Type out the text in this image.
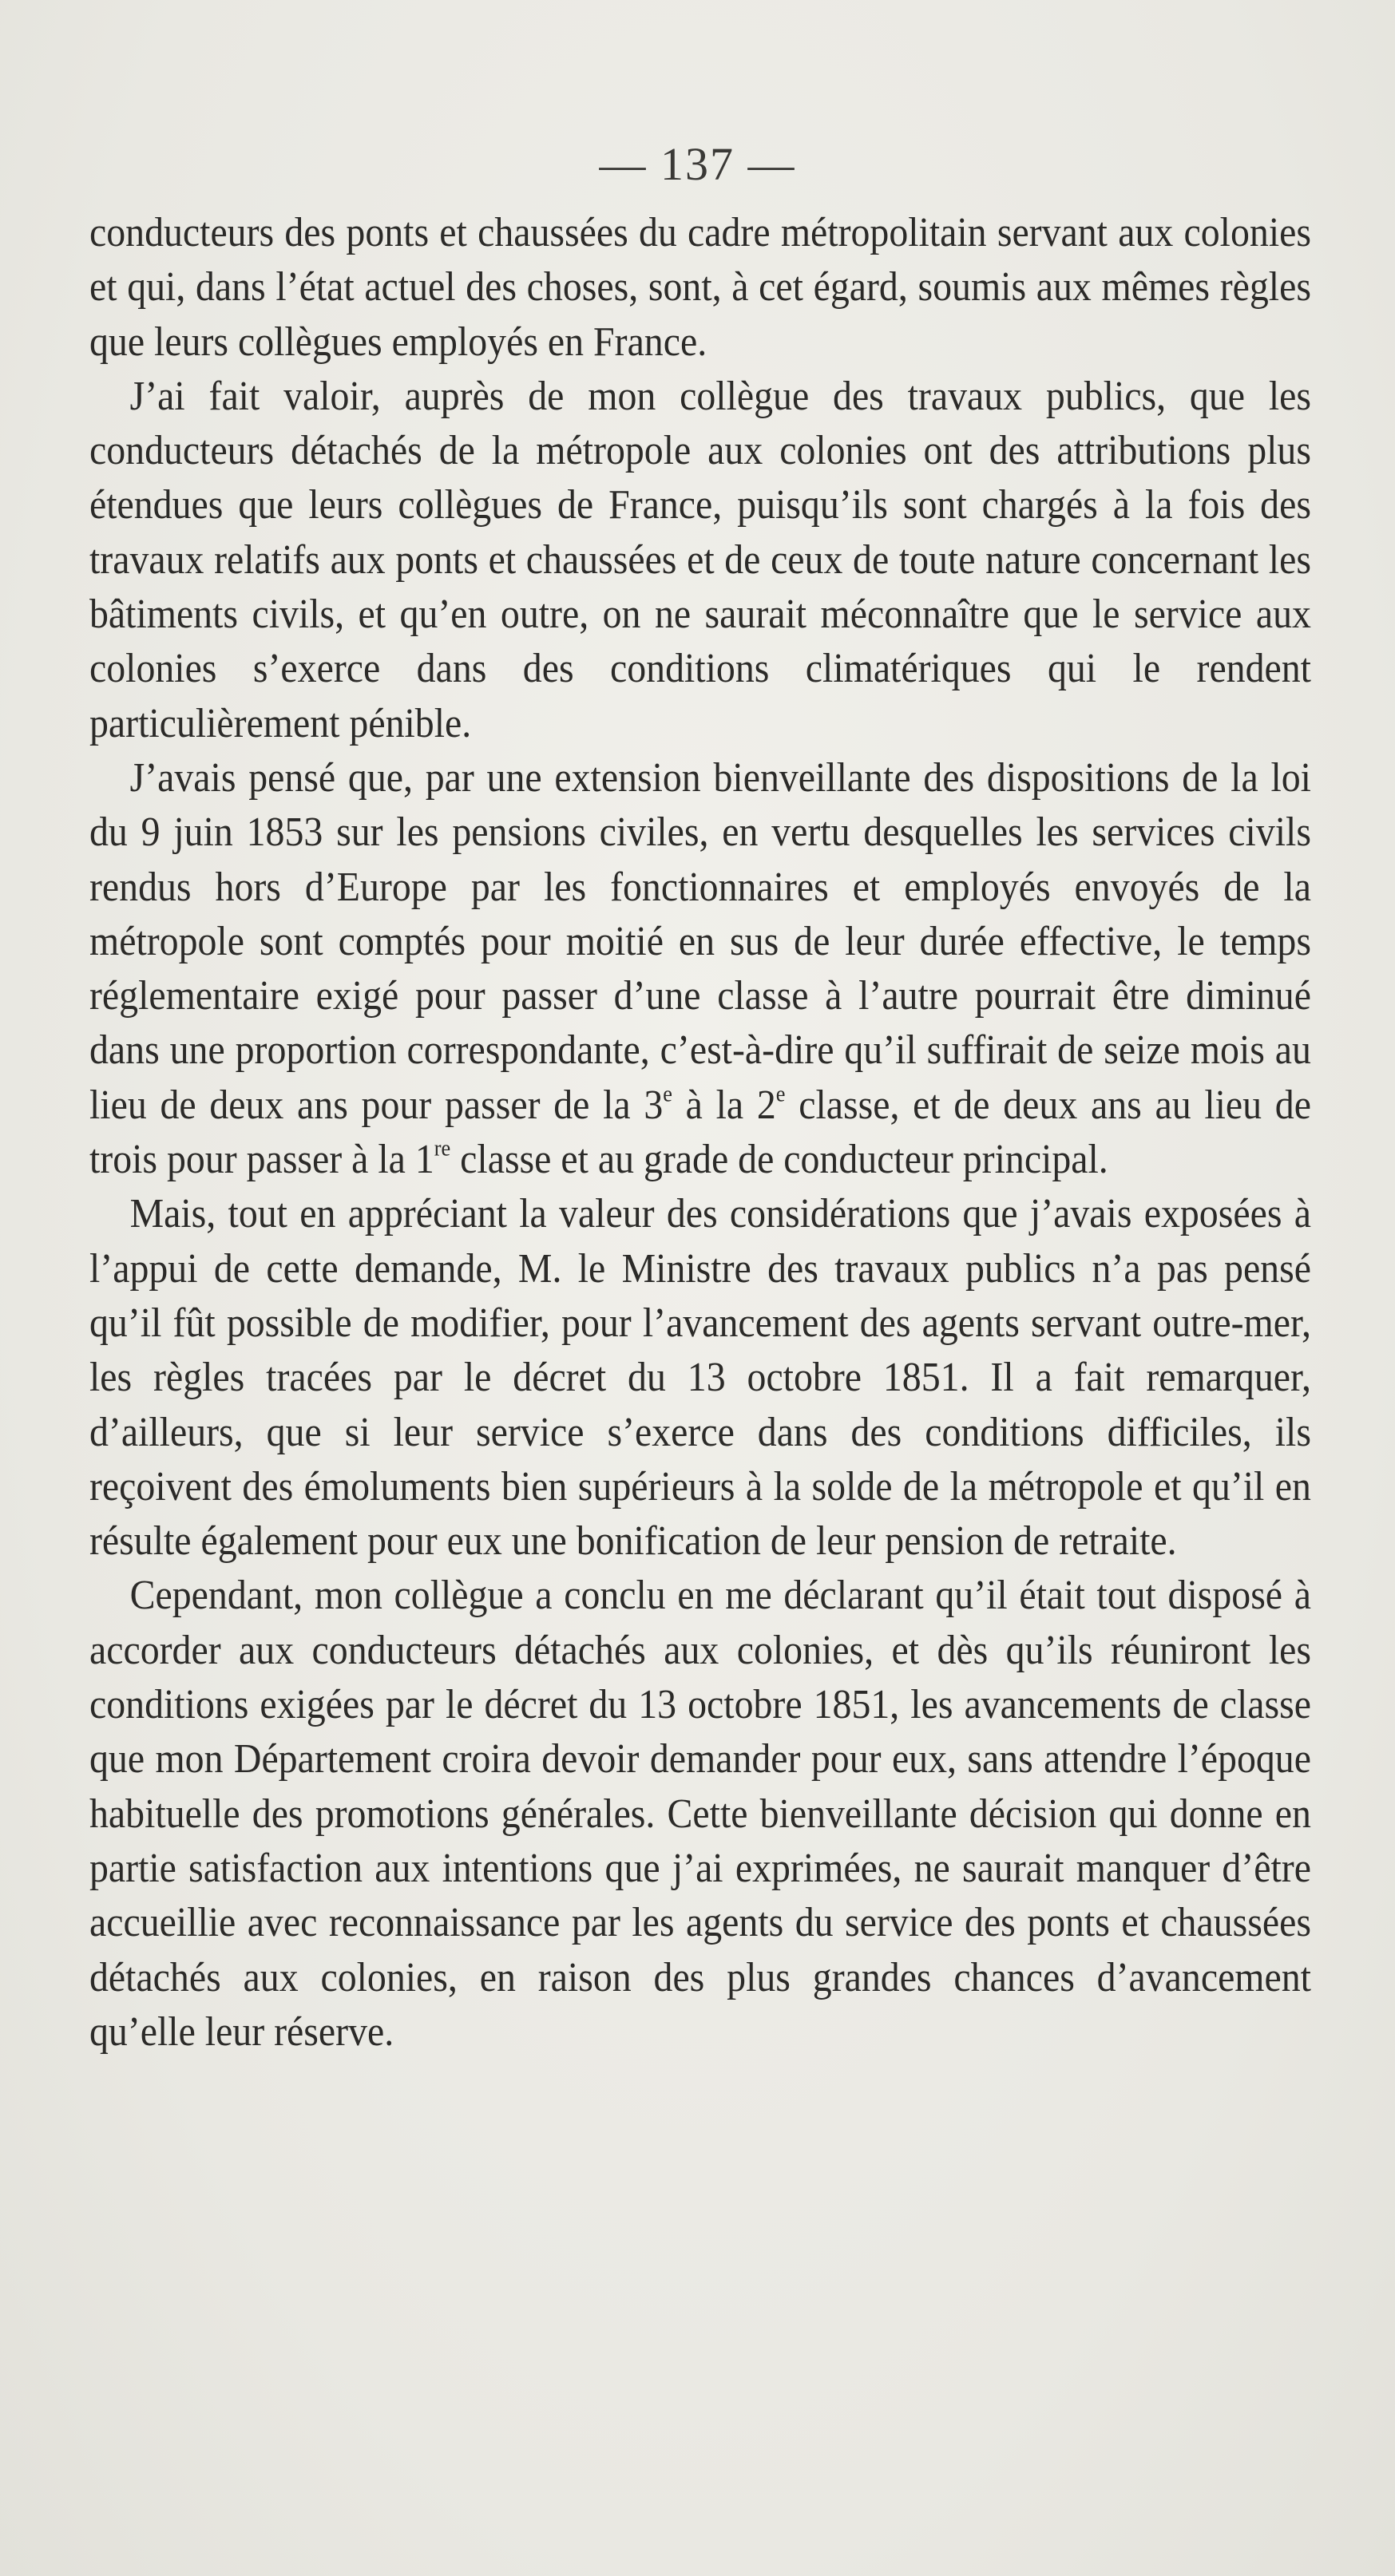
— 137 —

conducteurs des ponts et chaussées du cadre métropolitain servant aux colonies et qui, dans l’état actuel des choses, sont, à cet égard, soumis aux mêmes règles que leurs collègues employés en France.

J’ai fait valoir, auprès de mon collègue des travaux publics, que les conducteurs détachés de la métropole aux colonies ont des attributions plus étendues que leurs collègues de France, puisqu’ils sont chargés à la fois des travaux relatifs aux ponts et chaussées et de ceux de toute nature concernant les bâtiments civils, et qu’en outre, on ne saurait méconnaître que le service aux colonies s’exerce dans des conditions climatériques qui le rendent particulièrement pénible.

J’avais pensé que, par une extension bienveillante des dispositions de la loi du 9 juin 1853 sur les pensions civiles, en vertu desquelles les services civils rendus hors d’Europe par les fonctionnaires et employés envoyés de la métropole sont comptés pour moitié en sus de leur durée effective, le temps réglementaire exigé pour passer d’une classe à l’autre pourrait être diminué dans une proportion correspondante, c’est-à-dire qu’il suffirait de seize mois au lieu de deux ans pour passer de la 3e à la 2e classe, et de deux ans au lieu de trois pour passer à la 1re classe et au grade de conducteur principal.

Mais, tout en appréciant la valeur des considérations que j’avais exposées à l’appui de cette demande, M. le Ministre des travaux publics n’a pas pensé qu’il fût possible de modifier, pour l’avancement des agents servant outre-mer, les règles tracées par le décret du 13 octobre 1851. Il a fait remarquer, d’ailleurs, que si leur service s’exerce dans des conditions difficiles, ils reçoivent des émoluments bien supérieurs à la solde de la métropole et qu’il en résulte également pour eux une bonification de leur pension de retraite.

Cependant, mon collègue a conclu en me déclarant qu’il était tout disposé à accorder aux conducteurs détachés aux colonies, et dès qu’ils réuniront les conditions exigées par le décret du 13 octobre 1851, les avancements de classe que mon Département croira devoir demander pour eux, sans attendre l’époque habituelle des promotions générales. Cette bienveillante décision qui donne en partie satisfaction aux intentions que j’ai exprimées, ne saurait manquer d’être accueillie avec reconnaissance par les agents du service des ponts et chaussées détachés aux colonies, en raison des plus grandes chances d’avancement qu’elle leur réserve.
